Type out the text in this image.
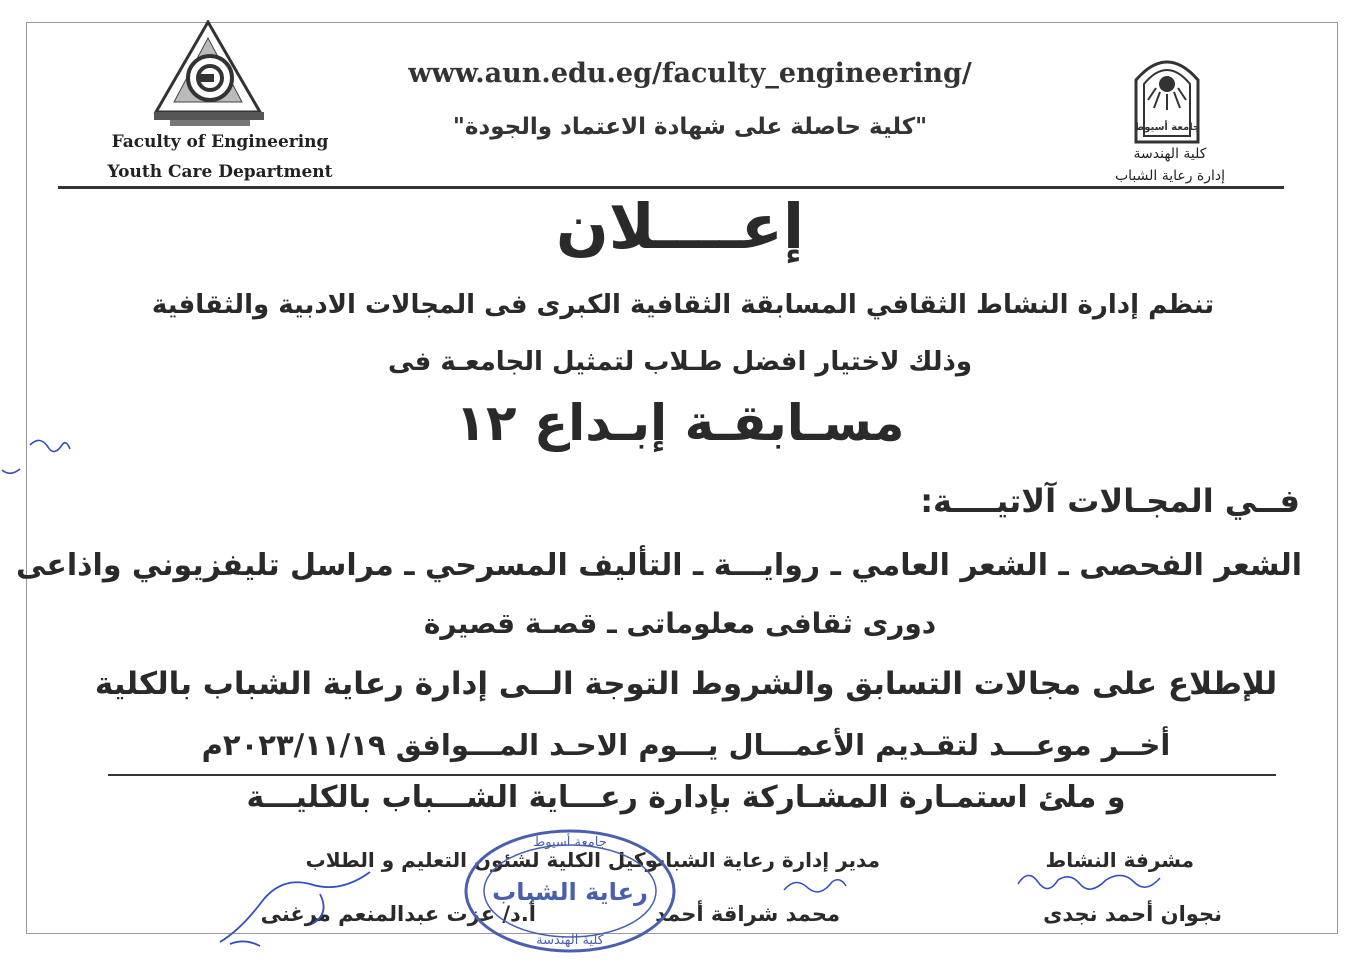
Faculty of Engineering
Youth Care Department
www.aun.edu.eg/faculty_engineering/
"كلية حاصلة على شهادة الاعتماد والجودة"	جامعة أسيوط
كلية الهندسة
إدارة رعاية الشباب
إعــــلان
تنظم إدارة النشاط الثقافي المسابقة الثقافية الكبرى فى المجالات الادبية والثقافية
وذلك لاختيار افضل طـلاب لتمثيل الجامعـة فى
مسـابقـة إبـداع ١٢
فــي المجـالات آلاتيــــة:
الشعر الفحصى ـ الشعر العامي ـ روايـــة ـ التأليف المسرحي ـ مراسل تليفزيوني واذاعى
دورى ثقافى معلوماتى ـ قصـة قصيرة
للإطلاع على مجالات التسابق والشروط التوجة الــى إدارة رعاية الشباب بالكلية
أخــر موعـــد لتقـديم الأعمـــال يـــوم الاحـد المـــوافق ٢٠٢٣/١١/١٩م
و ملئ استمـارة المشـاركة بإدارة رعـــاية الشـــباب بالكليـــة
مشرفة النشاط
نجوان أحمد نجدى
مدير إدارة رعاية الشباب
محمد شراقة أحمد
وكيل الكلية لشئون التعليم و الطلاب
أ.د/ عزت عبدالمنعم مرغنى
جامعة أسيوط
رعاية الشباب
كلية الهندسة
